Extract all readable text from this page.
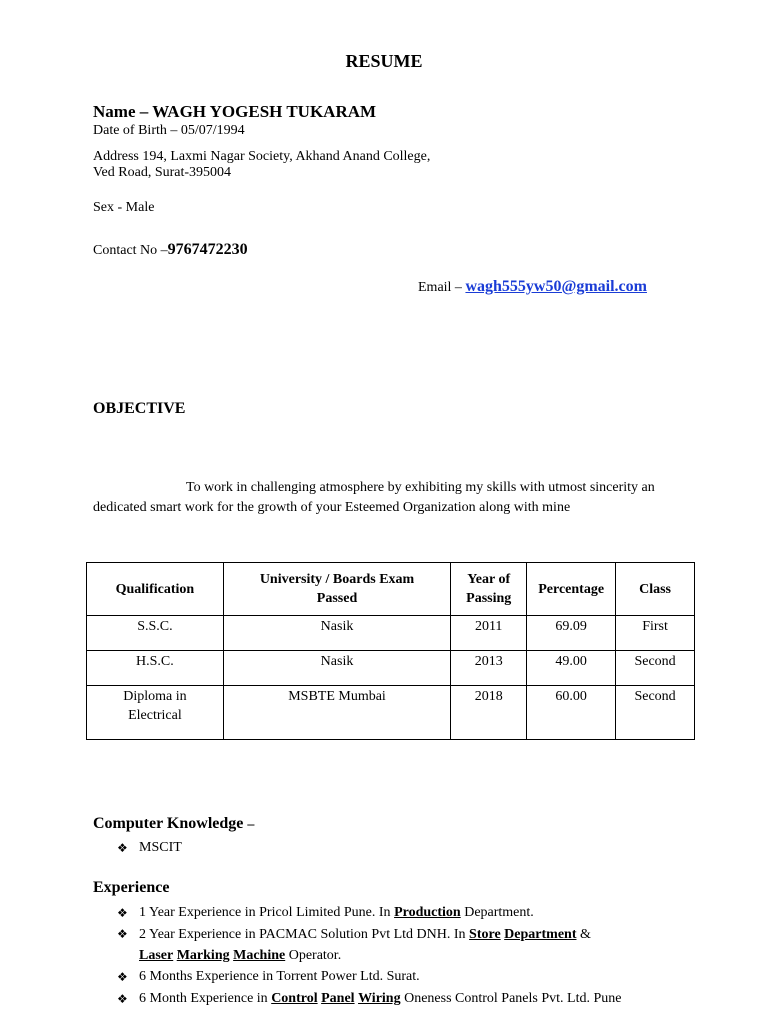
RESUME
Name – WAGH YOGESH TUKARAM
Date of Birth – 05/07/1994
Address 194, Laxmi Nagar Society, Akhand Anand College,
Ved Road, Surat-395004
Sex - Male
Contact No –9767472230
Email – wagh555yw50@gmail.com
OBJECTIVE
To work in challenging atmosphere by exhibiting my skills with utmost sincerity an dedicated smart work for the growth of your Esteemed Organization along with mine
Qualification	University / Boards Exam Passed	Year of Passing	Percentage	Class
S.S.C.	Nasik	2011	69.09	First
H.S.C.	Nasik	2013	49.00	Second
Diploma in Electrical	MSBTE Mumbai	2018	60.00	Second
Computer Knowledge –
❖ MSCIT
Experience
❖ 1 Year Experience in Pricol Limited Pune. In Production Department.
❖ 2 Year Experience in PACMAC Solution Pvt Ltd DNH. In Store Department &
Laser Marking Machine Operator.
❖ 6 Months Experience in Torrent Power Ltd. Surat.
❖ 6 Month Experience in Control Panel Wiring Oneness Control Panels Pvt. Ltd. Pune
